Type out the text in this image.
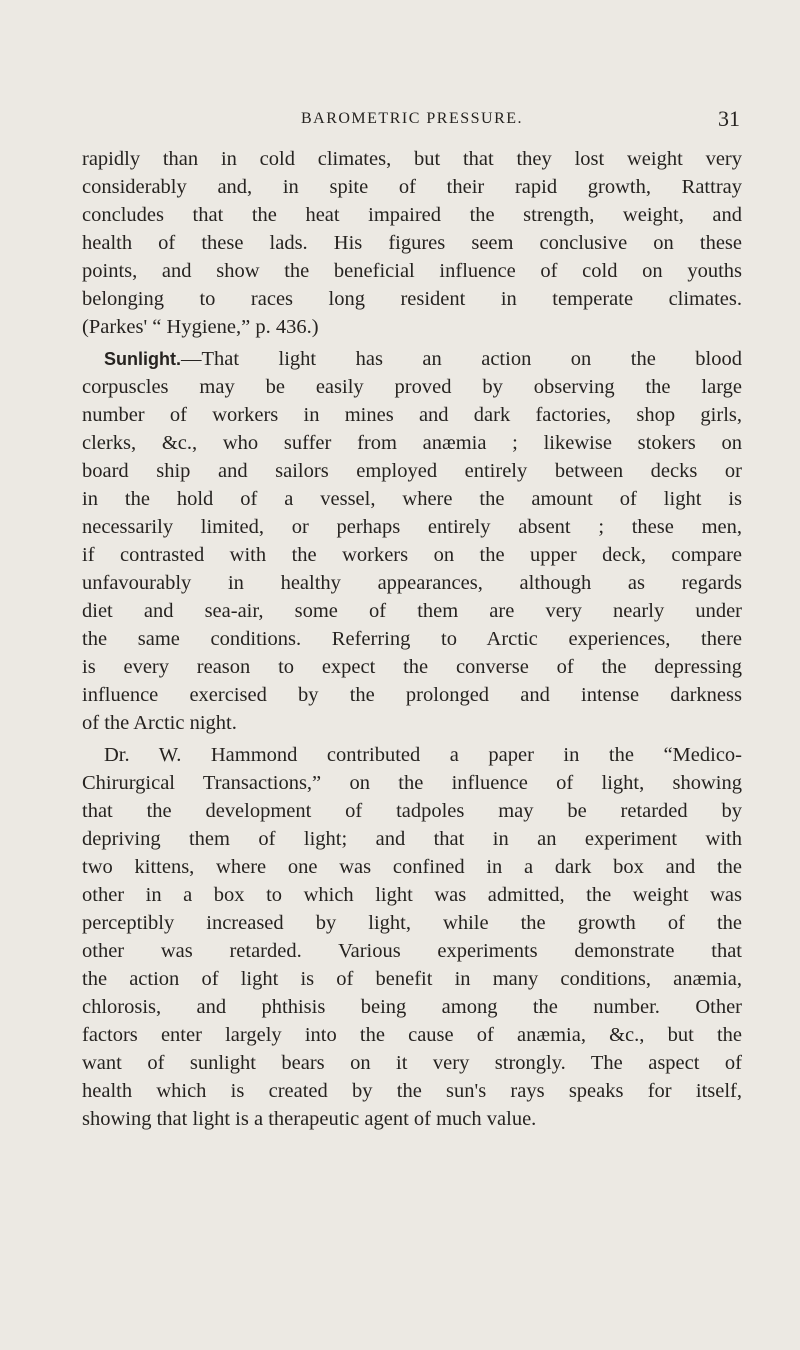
BAROMETRIC PRESSURE.	31
rapidly than in cold climates, but that they lost weight very
considerably and, in spite of their rapid growth, Rattray
concludes that the heat impaired the strength, weight, and
health of these lads. His figures seem conclusive on these
points, and show the beneficial influence of cold on youths
belonging to races long resident in temperate climates.
(Parkes' “ Hygiene,” p. 436.)
Sunlight.—That light has an action on the blood
corpuscles may be easily proved by observing the large
number of workers in mines and dark factories, shop girls,
clerks, &c., who suffer from anæmia ; likewise stokers on
board ship and sailors employed entirely between decks or
in the hold of a vessel, where the amount of light is
necessarily limited, or perhaps entirely absent ; these men,
if contrasted with the workers on the upper deck, compare
unfavourably in healthy appearances, although as regards
diet and sea-air, some of them are very nearly under
the same conditions. Referring to Arctic experiences, there
is every reason to expect the converse of the depressing
influence exercised by the prolonged and intense darkness
of the Arctic night.
Dr. W. Hammond contributed a paper in the “Medico-
Chirurgical Transactions,” on the influence of light, showing
that the development of tadpoles may be retarded by
depriving them of light; and that in an experiment with
two kittens, where one was confined in a dark box and the
other in a box to which light was admitted, the weight was
perceptibly increased by light, while the growth of the
other was retarded. Various experiments demonstrate that
the action of light is of benefit in many conditions, anæmia,
chlorosis, and phthisis being among the number. Other
factors enter largely into the cause of anæmia, &c., but the
want of sunlight bears on it very strongly. The aspect of
health which is created by the sun's rays speaks for itself,
showing that light is a therapeutic agent of much value.
